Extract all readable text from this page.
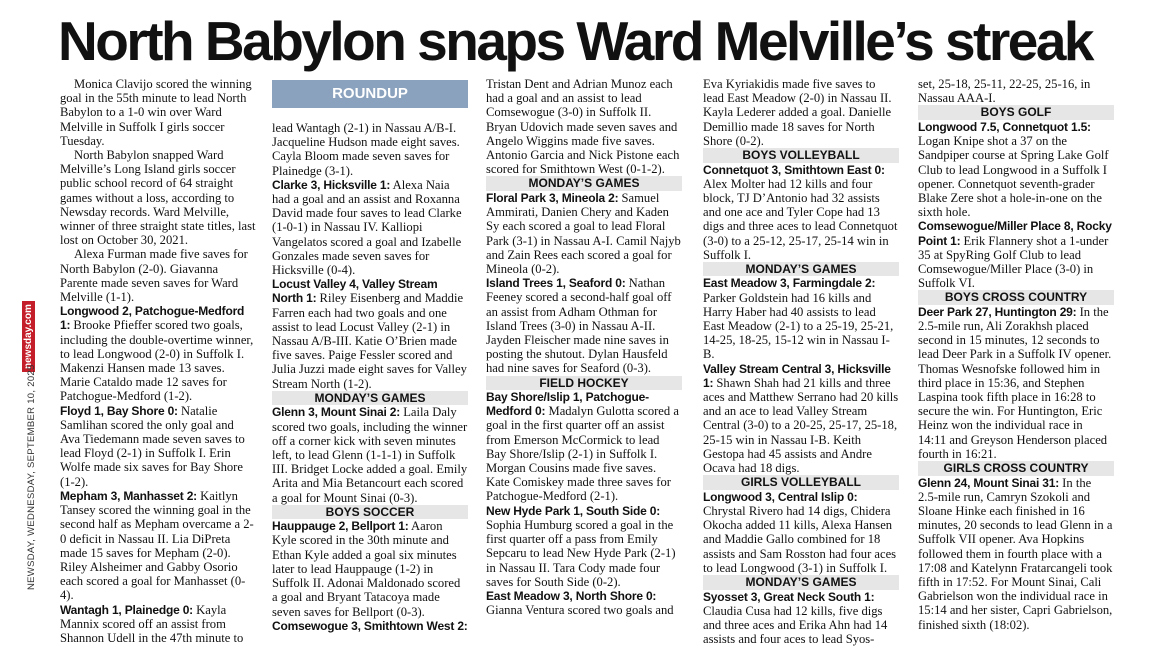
North Babylon snaps Ward Melville’s streak
newsday.com
NEWSDAY, WEDNESDAY, SEPTEMBER 10, 2025
ROUNDUP

Monica Clavijo scored the winning goal in the 55th minute to lead North Babylon to a 1-0 win over Ward Melville in Suffolk I girls soccer Tuesday.

North Babylon snapped Ward Melville’s Long Island girls soccer public school record of 64 straight games without a loss, according to Newsday records. Ward Melville, winner of three straight state titles, last lost on October 30, 2021.

Alexa Furman made five saves for North Babylon (2-0). Giavanna Parente made seven saves for Ward Melville (1-1).

Longwood 2, Patchogue-Medford 1: Brooke Pfieffer scored two goals, including the double-overtime winner, to lead Longwood (2-0) in Suffolk I. Makenzi Hansen made 13 saves. Marie Cataldo made 12 saves for Patchogue-Medford (1-2).

Floyd 1, Bay Shore 0: Natalie Samlihan scored the only goal and Ava Tiedemann made seven saves to lead Floyd (2-1) in Suffolk I. Erin Wolfe made six saves for Bay Shore (1-2).

Mepham 3, Manhasset 2: Kaitlyn Tansey scored the winning goal in the second half as Mepham overcame a 2-0 deficit in Nassau II. Lia DiPreta made 15 saves for Mepham (2-0). Riley Alsheimer and Gabby Osorio each scored a goal for Manhasset (0-4).

Wantagh 1, Plainedge 0: Kayla Mannix scored off an assist from Shannon Udell in the 47th minute to

lead Wantagh (2-1) in Nassau A/B-I. Jacqueline Hudson made eight saves. Cayla Bloom made seven saves for Plainedge (3-1).

Clarke 3, Hicksville 1: Alexa Naia had a goal and an assist and Roxanna David made four saves to lead Clarke (1-0-1) in Nassau IV. Kalliopi Vangelatos scored a goal and Izabelle Gonzales made seven saves for Hicksville (0-4).

Locust Valley 4, Valley Stream North 1: Riley Eisenberg and Maddie Farren each had two goals and one assist to lead Locust Valley (2-1) in Nassau A/B-III. Katie O’Brien made five saves. Paige Fessler scored and Julia Juzzi made eight saves for Valley Stream North (1-2).

MONDAY’S GAMES

Glenn 3, Mount Sinai 2: Laila Daly scored two goals, including the winner off a corner kick with seven minutes left, to lead Glenn (1-1-1) in Suffolk III. Bridget Locke added a goal. Emily Arita and Mia Betancourt each scored a goal for Mount Sinai (0-3).

BOYS SOCCER

Hauppauge 2, Bellport 1: Aaron Kyle scored in the 30th minute and Ethan Kyle added a goal six minutes later to lead Hauppauge (1-2) in Suffolk II. Adonai Maldonado scored a goal and Bryant Tatacoya made seven saves for Bellport (0-3).

Comsewogue 3, Smithtown West 2:

Tristan Dent and Adrian Munoz each had a goal and an assist to lead Comsewogue (3-0) in Suffolk II. Bryan Udovich made seven saves and Angelo Wiggins made five saves. Antonio Garcia and Nick Pistone each scored for Smithtown West (0-1-2).

MONDAY’S GAMES

Floral Park 3, Mineola 2: Samuel Ammirati, Danien Chery and Kaden Sy each scored a goal to lead Floral Park (3-1) in Nassau A-I. Camil Najyb and Zain Rees each scored a goal for Mineola (0-2).

Island Trees 1, Seaford 0: Nathan Feeney scored a second-half goal off an assist from Adham Othman for Island Trees (3-0) in Nassau A-II. Jayden Fleischer made nine saves in posting the shutout. Dylan Hausfeld had nine saves for Seaford (0-3).

FIELD HOCKEY

Bay Shore/Islip 1, Patchogue-Medford 0: Madalyn Gulotta scored a goal in the first quarter off an assist from Emerson McCormick to lead Bay Shore/Islip (2-1) in Suffolk I. Morgan Cousins made five saves. Kate Comiskey made three saves for Patchogue-Medford (2-1).

New Hyde Park 1, South Side 0: Sophia Humburg scored a goal in the first quarter off a pass from Emily Sepcaru to lead New Hyde Park (2-1) in Nassau II. Tara Cody made four saves for South Side (0-2).

East Meadow 3, North Shore 0: Gianna Ventura scored two goals and

Eva Kyriakidis made five saves to lead East Meadow (2-0) in Nassau II. Kayla Lederer added a goal. Danielle Demillio made 18 saves for North Shore (0-2).

BOYS VOLLEYBALL

Connetquot 3, Smithtown East 0: Alex Molter had 12 kills and four block, TJ D’Antonio had 32 assists and one ace and Tyler Cope had 13 digs and three aces to lead Connetquot (3-0) to a 25-12, 25-17, 25-14 win in Suffolk I.

MONDAY’S GAMES

East Meadow 3, Farmingdale 2: Parker Goldstein had 16 kills and Harry Haber had 40 assists to lead East Meadow (2-1) to a 25-19, 25-21, 14-25, 18-25, 15-12 win in Nassau I-B.

Valley Stream Central 3, Hicksville 1: Shawn Shah had 21 kills and three aces and Matthew Serrano had 20 kills and an ace to lead Valley Stream Central (3-0) to a 20-25, 25-17, 25-18, 25-15 win in Nassau I-B. Keith Gestopa had 45 assists and Andre Ocava had 18 digs.

GIRLS VOLLEYBALL

Longwood 3, Central Islip 0: Chrystal Rivero had 14 digs, Chidera Okocha added 11 kills, Alexa Hansen and Maddie Gallo combined for 18 assists and Sam Rosston had four aces to lead Longwood (3-1) in Suffolk I.

MONDAY’S GAMES

Syosset 3, Great Neck South 1: Claudia Cusa had 12 kills, five digs and three aces and Erika Ahn had 14 assists and four aces to lead Syos-

set, 25-18, 25-11, 22-25, 25-16, in Nassau AAA-I.

BOYS GOLF

Longwood 7.5, Connetquot 1.5: Logan Knipe shot a 37 on the Sandpiper course at Spring Lake Golf Club to lead Longwood in a Suffolk I opener. Connetquot seventh-grader Blake Zere shot a hole-in-one on the sixth hole.

Comsewogue/Miller Place 8, Rocky Point 1: Erik Flannery shot a 1-under 35 at SpyRing Golf Club to lead Comsewogue/Miller Place (3-0) in Suffolk VI.

BOYS CROSS COUNTRY

Deer Park 27, Huntington 29: In the 2.5-mile run, Ali Zorakhsh placed second in 15 minutes, 12 seconds to lead Deer Park in a Suffolk IV opener. Thomas Wesnofske followed him in third place in 15:36, and Stephen Laspina took fifth place in 16:28 to secure the win. For Huntington, Eric Heinz won the individual race in 14:11 and Greyson Henderson placed fourth in 16:21.

GIRLS CROSS COUNTRY

Glenn 24, Mount Sinai 31: In the 2.5-mile run, Camryn Szokoli and Sloane Hinke each finished in 16 minutes, 20 seconds to lead Glenn in a Suffolk VII opener. Ava Hopkins followed them in fourth place with a 17:08 and Katelynn Fratarcangeli took fifth in 17:52. For Mount Sinai, Cali Gabrielson won the individual race in 15:14 and her sister, Capri Gabrielson, finished sixth (18:02).
